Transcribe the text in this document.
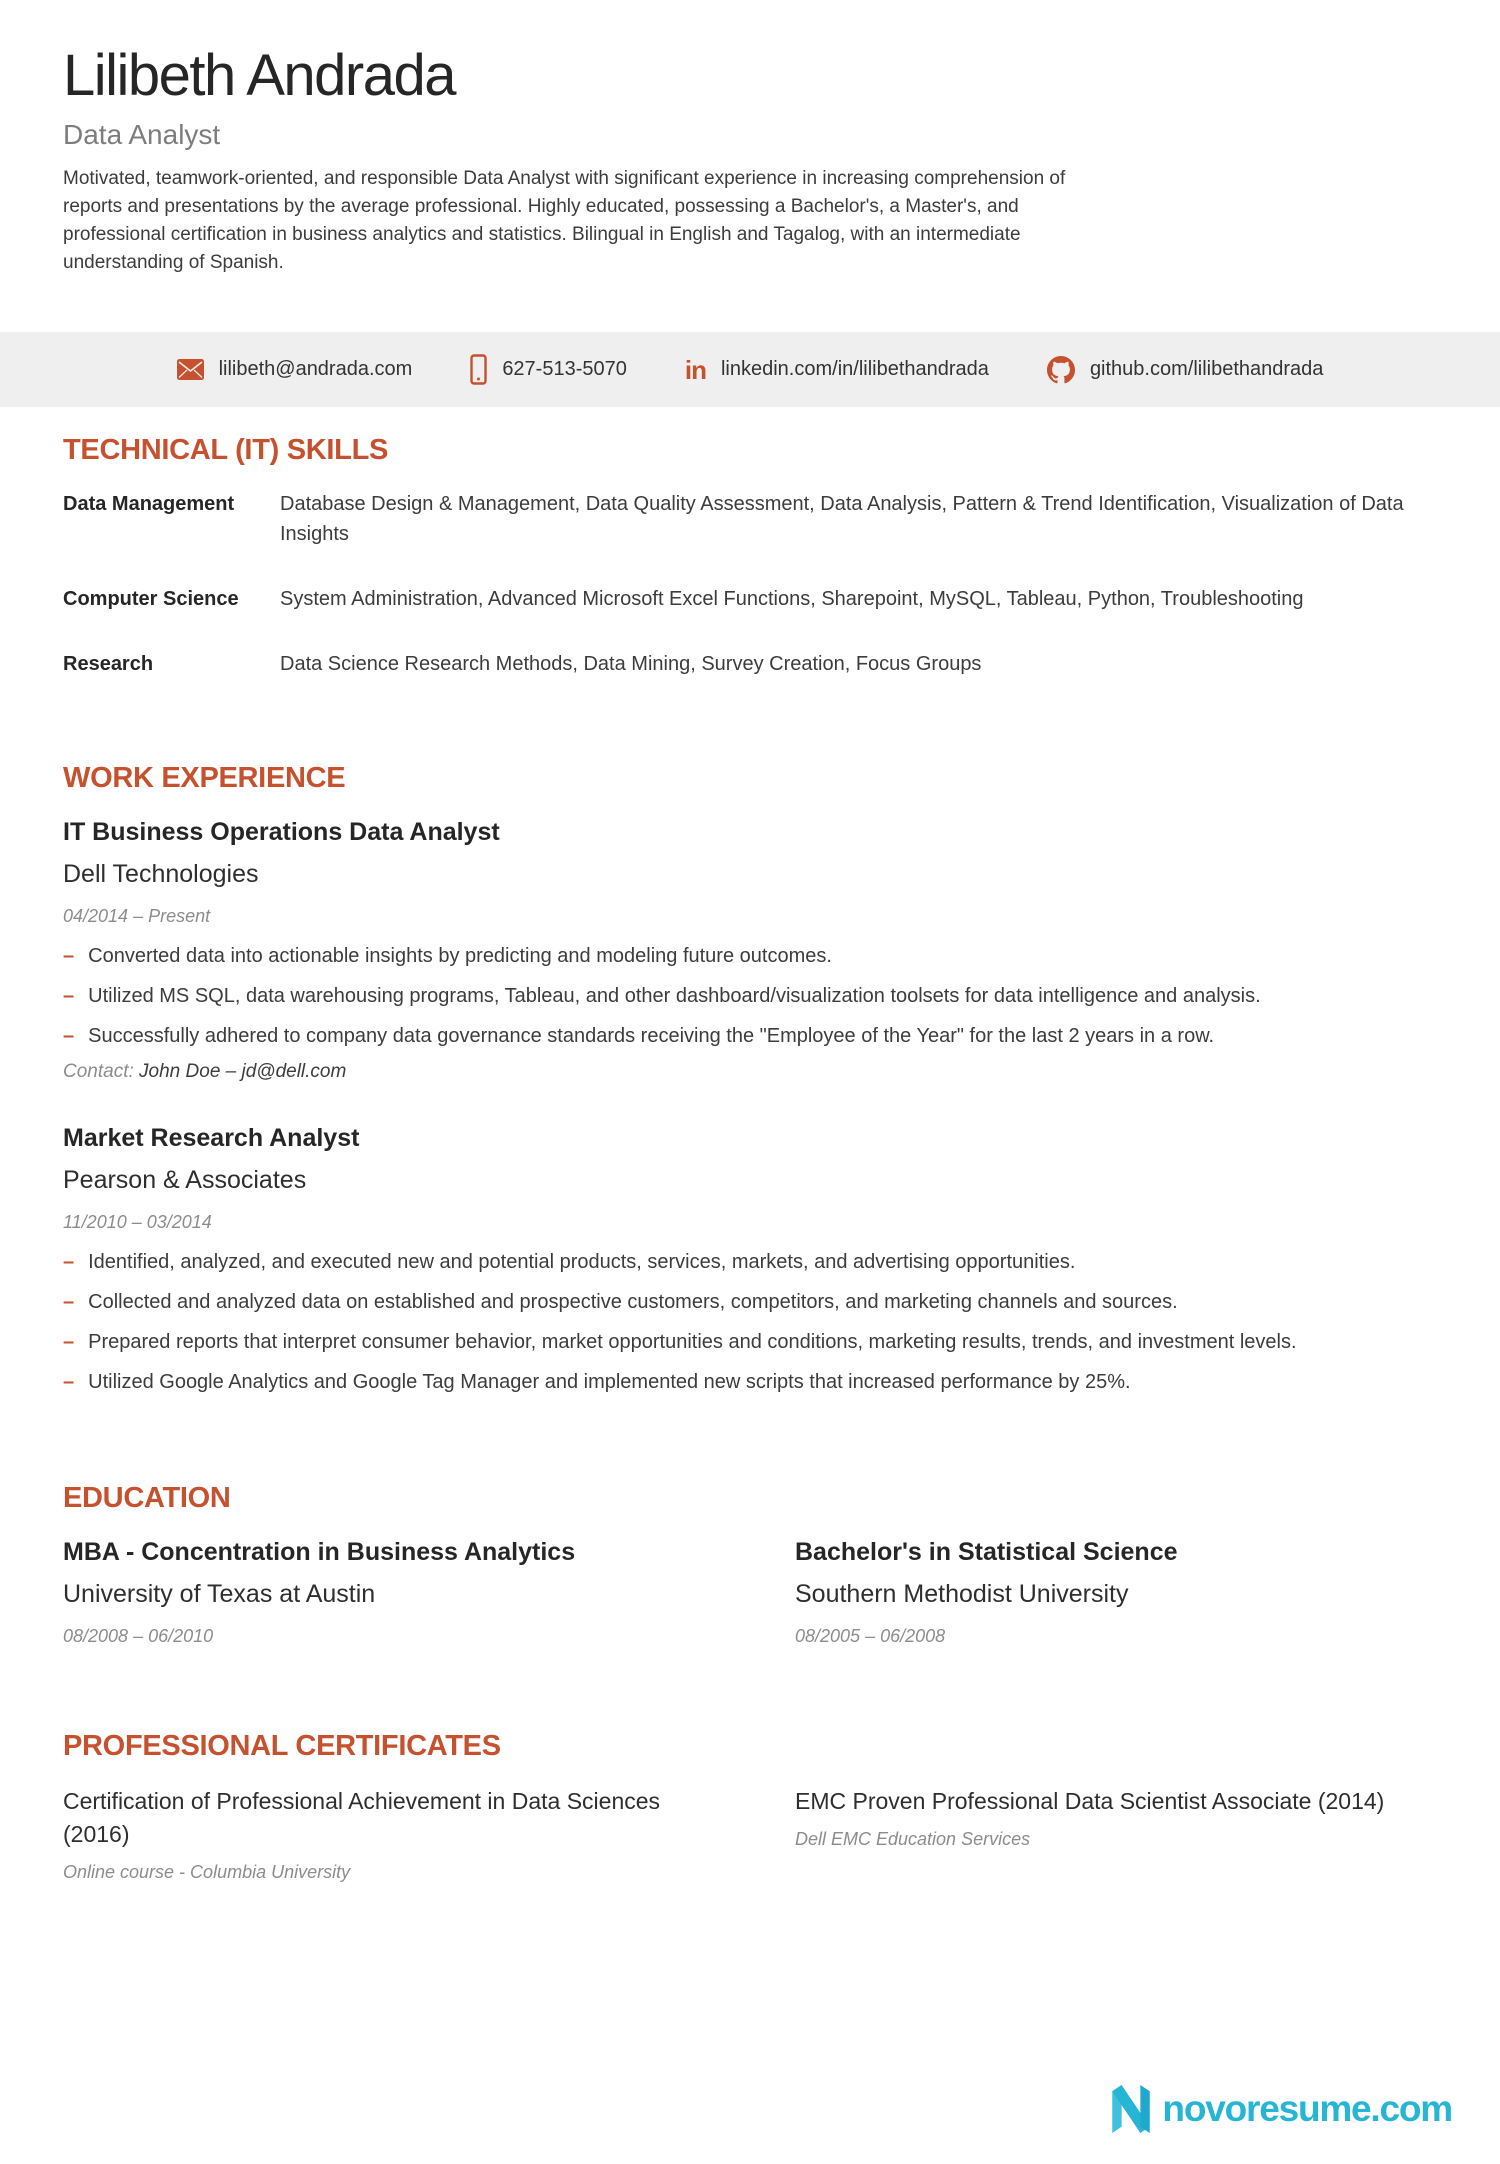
Lilibeth Andrada
Data Analyst
Motivated, teamwork-oriented, and responsible Data Analyst with significant experience in increasing comprehension of reports and presentations by the average professional. Highly educated, possessing a Bachelor's, a Master's, and professional certification in business analytics and statistics. Bilingual in English and Tagalog, with an intermediate understanding of Spanish.
lilibeth@andrada.com	627-513-5070 in linkedin.com/in/lilibethandrada	github.com/lilibethandrada
TECHNICAL (IT) SKILLS
Data Management	Database Design & Management, Data Quality Assessment, Data Analysis, Pattern & Trend Identification, Visualization of Data Insights
Computer Science	System Administration, Advanced Microsoft Excel Functions, Sharepoint, MySQL, Tableau, Python, Troubleshooting
Research	Data Science Research Methods, Data Mining, Survey Creation, Focus Groups
WORK EXPERIENCE
IT Business Operations Data Analyst
Dell Technologies
04/2014 – Present
– Converted data into actionable insights by predicting and modeling future outcomes.
– Utilized MS SQL, data warehousing programs, Tableau, and other dashboard/visualization toolsets for data intelligence and analysis.
– Successfully adhered to company data governance standards receiving the "Employee of the Year" for the last 2 years in a row.
Contact: John Doe – jd@dell.com
Market Research Analyst
Pearson & Associates
11/2010 – 03/2014
– Identified, analyzed, and executed new and potential products, services, markets, and advertising opportunities.
– Collected and analyzed data on established and prospective customers, competitors, and marketing channels and sources.
– Prepared reports that interpret consumer behavior, market opportunities and conditions, marketing results, trends, and investment levels.
– Utilized Google Analytics and Google Tag Manager and implemented new scripts that increased performance by 25%.
EDUCATION
MBA - Concentration in Business Analytics
University of Texas at Austin
08/2008 – 06/2010
Bachelor's in Statistical Science
Southern Methodist University
08/2005 – 06/2008
PROFESSIONAL CERTIFICATES
Certification of Professional Achievement in Data Sciences (2016)
Online course - Columbia University
EMC Proven Professional Data Scientist Associate (2014)
Dell EMC Education Services
novoresume.com
